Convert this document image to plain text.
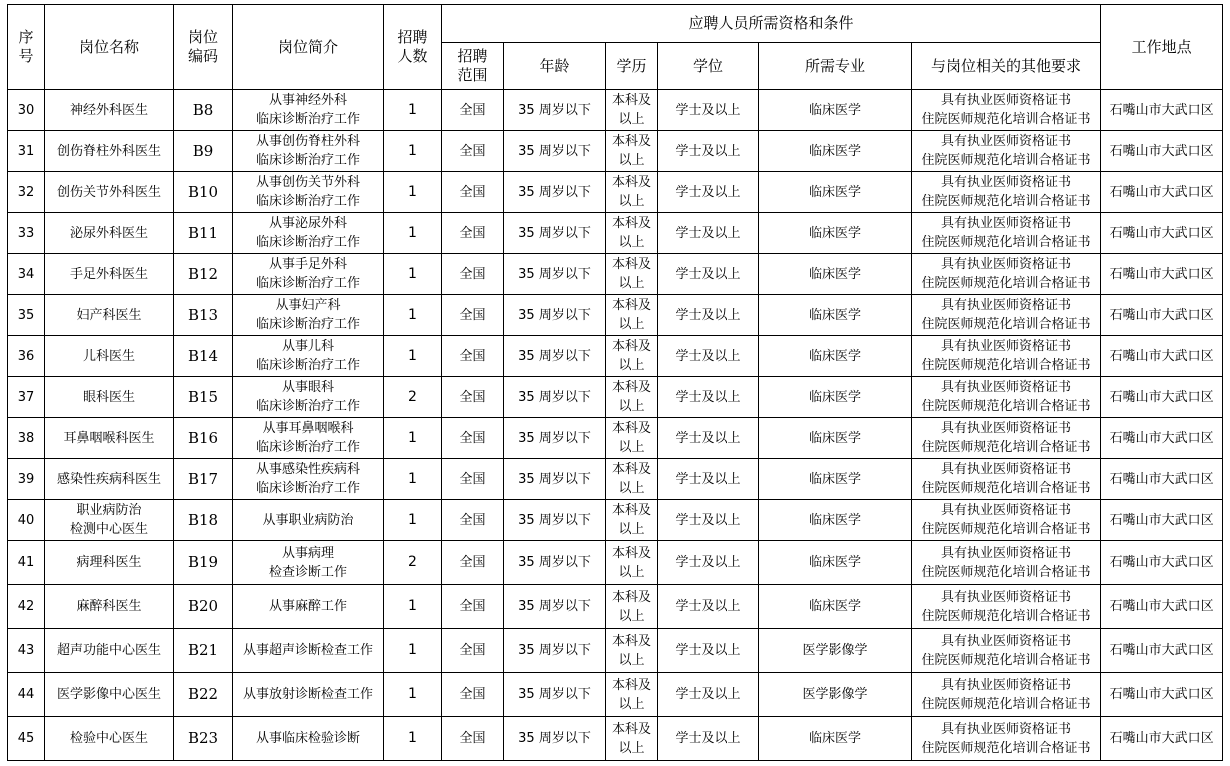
序
号	岗位名称	岗位
编码	岗位简介	招聘
人数	应聘人员所需资格和条件						工作地点

					招聘
范围	年龄	学历	学位	所需专业	与岗位相关的其他要求	
30	神经外科医生	B8	从事神经外科
临床诊断治疗工作	1	全国	35 周岁以下	本科及
以上	学士及以上	临床医学	具有执业医师资格证书
住院医师规范化培训合格证书	石嘴山市大武口区
31	创伤脊柱外科医生	B9	从事创伤脊柱外科
临床诊断治疗工作	1	全国	35 周岁以下	本科及
以上	学士及以上	临床医学	具有执业医师资格证书
住院医师规范化培训合格证书	石嘴山市大武口区
32	创伤关节外科医生	B10	从事创伤关节外科
临床诊断治疗工作	1	全国	35 周岁以下	本科及
以上	学士及以上	临床医学	具有执业医师资格证书
住院医师规范化培训合格证书	石嘴山市大武口区
33	泌尿外科医生	B11	从事泌尿外科
临床诊断治疗工作	1	全国	35 周岁以下	本科及
以上	学士及以上	临床医学	具有执业医师资格证书
住院医师规范化培训合格证书	石嘴山市大武口区
34	手足外科医生	B12	从事手足外科
临床诊断治疗工作	1	全国	35 周岁以下	本科及
以上	学士及以上	临床医学	具有执业医师资格证书
住院医师规范化培训合格证书	石嘴山市大武口区
35	妇产科医生	B13	从事妇产科
临床诊断治疗工作	1	全国	35 周岁以下	本科及
以上	学士及以上	临床医学	具有执业医师资格证书
住院医师规范化培训合格证书	石嘴山市大武口区
36	儿科医生	B14	从事儿科
临床诊断治疗工作	1	全国	35 周岁以下	本科及
以上	学士及以上	临床医学	具有执业医师资格证书
住院医师规范化培训合格证书	石嘴山市大武口区
37	眼科医生	B15	从事眼科
临床诊断治疗工作	2	全国	35 周岁以下	本科及
以上	学士及以上	临床医学	具有执业医师资格证书
住院医师规范化培训合格证书	石嘴山市大武口区
38	耳鼻咽喉科医生	B16	从事耳鼻咽喉科
临床诊断治疗工作	1	全国	35 周岁以下	本科及
以上	学士及以上	临床医学	具有执业医师资格证书
住院医师规范化培训合格证书	石嘴山市大武口区
39	感染性疾病科医生	B17	从事感染性疾病科
临床诊断治疗工作	1	全国	35 周岁以下	本科及
以上	学士及以上	临床医学	具有执业医师资格证书
住院医师规范化培训合格证书	石嘴山市大武口区
40	职业病防治
检测中心医生	B18	从事职业病防治	1	全国	35 周岁以下	本科及
以上	学士及以上	临床医学	具有执业医师资格证书
住院医师规范化培训合格证书	石嘴山市大武口区
41	病理科医生	B19	从事病理
检查诊断工作	2	全国	35 周岁以下	本科及
以上	学士及以上	临床医学	具有执业医师资格证书
住院医师规范化培训合格证书	石嘴山市大武口区
42	麻醉科医生	B20	从事麻醉工作	1	全国	35 周岁以下	本科及
以上	学士及以上	临床医学	具有执业医师资格证书
住院医师规范化培训合格证书	石嘴山市大武口区
43	超声功能中心医生	B21	从事超声诊断检查工作	1	全国	35 周岁以下	本科及
以上	学士及以上	医学影像学	具有执业医师资格证书
住院医师规范化培训合格证书	石嘴山市大武口区
44	医学影像中心医生	B22	从事放射诊断检查工作	1	全国	35 周岁以下	本科及
以上	学士及以上	医学影像学	具有执业医师资格证书
住院医师规范化培训合格证书	石嘴山市大武口区
45	检验中心医生	B23	从事临床检验诊断	1	全国	35 周岁以下	本科及
以上	学士及以上	临床医学	具有执业医师资格证书
住院医师规范化培训合格证书	石嘴山市大武口区
